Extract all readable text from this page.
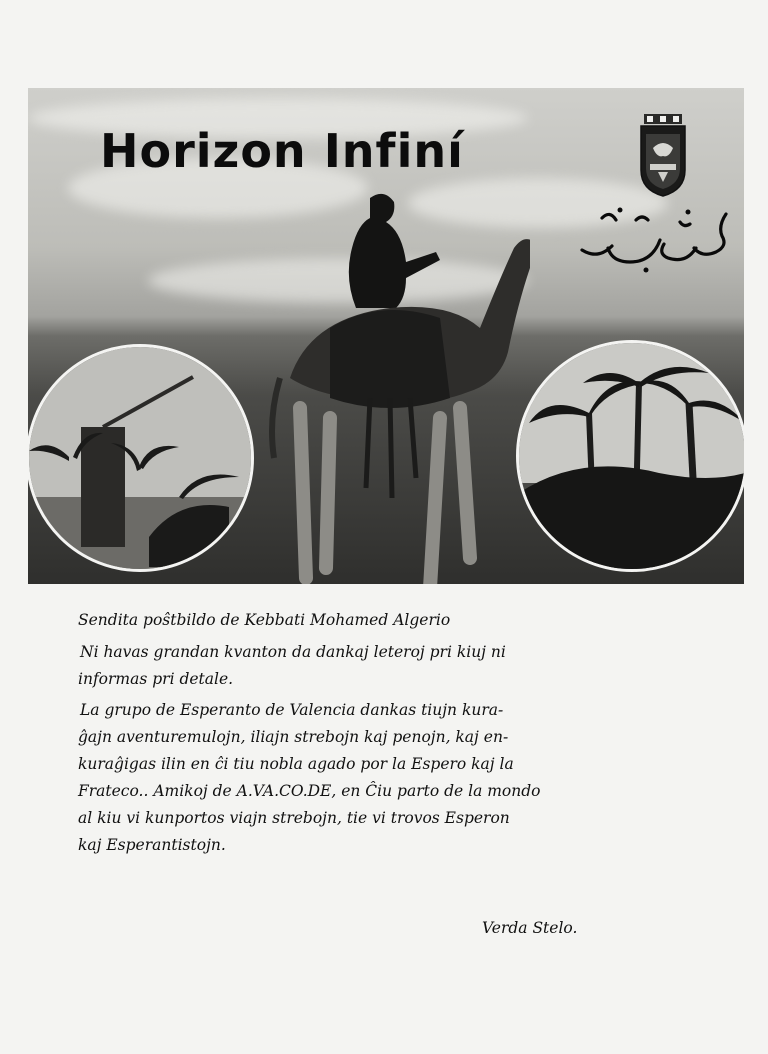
Horizon Infiní

Sendita poŝtbildo de Kebbati Mohamed Algerio

Ni havas grandan kvanton da dankaj leteroj pri kiuj ni
informas pri detale.

La grupo de Esperanto de Valencia dankas tiujn kura-
ĝajn aventuremulojn, iliajn strebojn kaj penojn, kaj en-
kuraĝigas ilin en ĉi tiu nobla agado por la Espero kaj la
Frateco.. Amikoj de A.VA.CO.DE, en Ĉiu parto de la mondo
al kiu vi kunportos viajn strebojn, tie vi trovos Esperon
kaj Esperantistojn.

Verda Stelo.
